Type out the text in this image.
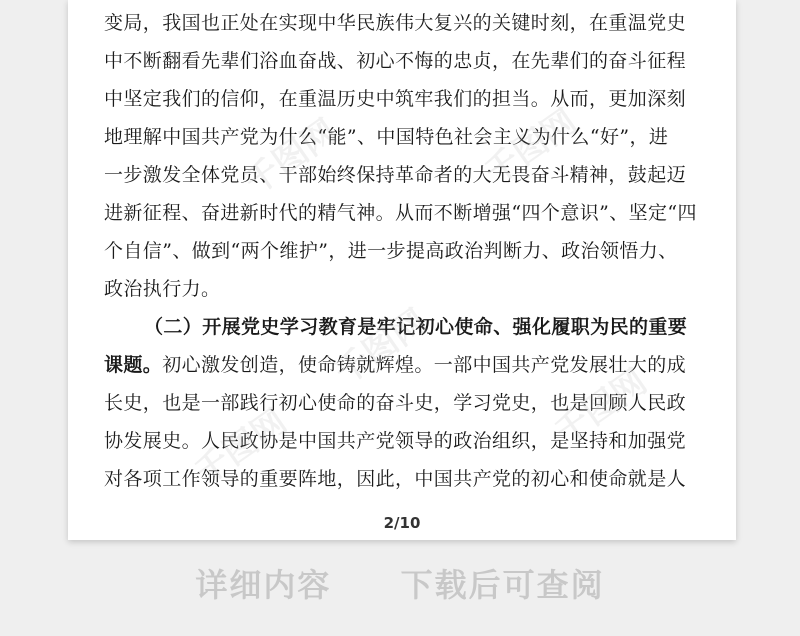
变局，我国也正处在实现中华民族伟大复兴的关键时刻，在重温党史
中不断翻看先辈们浴血奋战、初心不悔的忠贞，在先辈们的奋斗征程
中坚定我们的信仰，在重温历史中筑牢我们的担当。从而，更加深刻
地理解中国共产党为什么“能”、中国特色社会主义为什么“好”，进
一步激发全体党员、干部始终保持革命者的大无畏奋斗精神，鼓起迈
进新征程、奋进新时代的精气神。从而不断增强“四个意识”、坚定“四
个自信”、做到“两个维护”，进一步提高政治判断力、政治领悟力、
政治执行力。
（二）开展党史学习教育是牢记初心使命、强化履职为民的重要
课题。初心激发创造，使命铸就辉煌。一部中国共产党发展壮大的成
长史，也是一部践行初心使命的奋斗史，学习党史，也是回顾人民政
协发展史。人民政协是中国共产党领导的政治组织，是坚持和加强党
对各项工作领导的重要阵地，因此，中国共产党的初心和使命就是人
千图网	千图网
千图网
千图网
千图网
2/10
详细内容 下载后可查阅
